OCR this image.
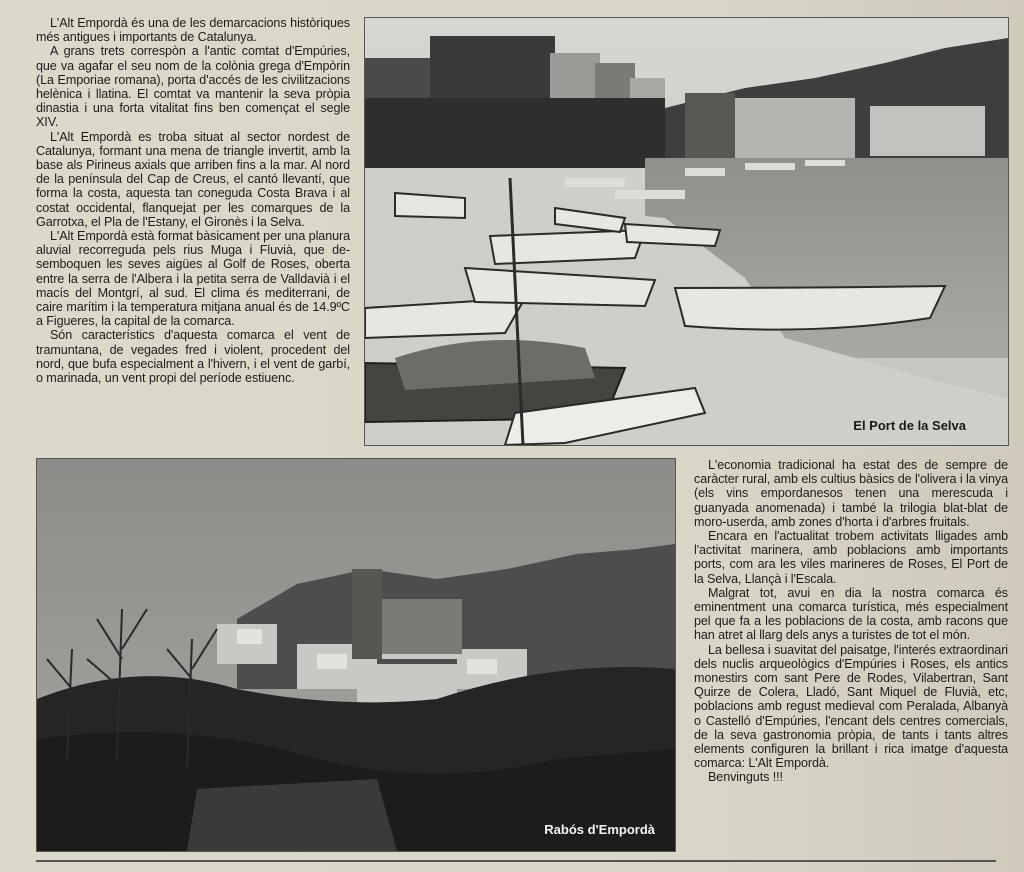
L'Alt Empordà és una de les demarcacions històriques més antigues i importants de Catalunya.

A grans trets correspòn a l'antic comtat d'Empúries, que va agafar el seu nom de la colònia grega d'Empòrin (La Emporiae romana), porta d'accés de les civilitzacions helènica i llatina. El comtat va mantenir la seva pròpia dinastia i una forta vitalitat fins ben començat el segle XIV.

L'Alt Empordà es troba situat al sector nordest de Catalunya, formant una mena de triangle invertit, amb la base als Pirineus axials que arriben fins a la mar. Al nord de la península del Cap de Creus, el cantó llevantí, que forma la costa, aquesta tan coneguda Costa Brava i al costat occidental, flanquejat per les comarques de la Garrotxa, el Pla de l'Estany, el Gironès i la Selva.

L'Alt Empordà està format bàsicament per una planura aluvial recorreguda pels rius Muga i Fluvià, que de-semboquen les seves aigües al Golf de Roses, oberta entre la serra de l'Albera i la petita serra de Valldavià i el macís del Montgrí, al sud. El clima és mediterrani, de caire marítim i la temperatura mitjana anual és de 14.9ºC a Figueres, la capital de la comarca.

Són característics d'aquesta comarca el vent de tramuntana, de vegades fred i violent, procedent del nord, que bufa especialment a l'hivern, i el vent de garbí, o marinada, un vent propi del període estiuenc.

El Port de la Selva
Rabós d'Empordà

L'economia tradicional ha estat des de sempre de caràcter rural, amb els cultius bàsics de l'olivera i la vinya (els vins empordanesos tenen una merescuda i guanyada anomenada) i també la trilogia blat-blat de moro-userda, amb zones d'horta i d'arbres fruitals.

Encara en l'actualitat trobem activitats lligades amb l'activitat marinera, amb poblacions amb importants ports, com ara les viles marineres de Roses, El Port de la Selva, Llançà i l'Escala.

Malgrat tot, avui en dia la nostra comarca és eminentment una comarca turística, més especialment pel que fa a les poblacions de la costa, amb racons que han atret al llarg dels anys a turistes de tot el món.

La bellesa i suavitat del paisatge, l'interés extraordinari dels nuclis arqueològics d'Empúries i Roses, els antics monestirs com sant Pere de Rodes, Vilabertran, Sant Quirze de Colera, Lladó, Sant Miquel de Fluvià, etc, poblacions amb regust medieval com Peralada, Albanyà o Castelló d'Empúries, l'encant dels centres comercials, de la seva gastronomia pròpia, de tants i tants altres elements configuren la brillant i rica imatge d'aquesta comarca: L'Alt Empordà.

Benvinguts !!!
